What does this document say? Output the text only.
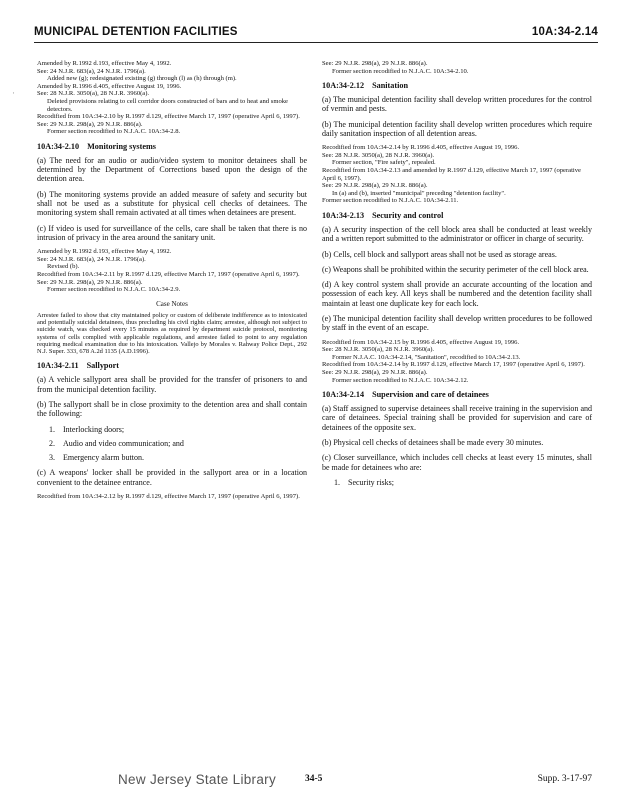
MUNICIPAL DETENTION FACILITIES	10A:34-2.14
·

Amended by R.1992 d.193, effective May 4, 1992.

See: 24 N.J.R. 683(a), 24 N.J.R. 1796(a).

Added new (g); redesignated existing (g) through (l) as (h) through (m).

Amended by R.1996 d.405, effective August 19, 1996.

See: 28 N.J.R. 3050(a), 28 N.J.R. 3960(a).

Deleted provisions relating to cell corridor doors constructed of bars and to heat and smoke detectors.

Recodified from 10A:34-2.10 by R.1997 d.129, effective March 17, 1997 (operative April 6, 1997).

See: 29 N.J.R. 298(a), 29 N.J.R. 886(a).

Former section recodified to N.J.A.C. 10A:34-2.8.

10A:34-2.10 Monitoring systems

(a) The need for an audio or audio/video system to monitor detainees shall be determined by the Department of Corrections based upon the design of the detention area.

(b) The monitoring systems provide an added measure of safety and security but shall not be used as a substitute for physical cell checks of detainees. The monitoring system shall remain activated at all times when detainees are present.

(c) If video is used for surveillance of the cells, care shall be taken that there is no intrusion of privacy in the area around the sanitary unit.

Amended by R.1992 d.193, effective May 4, 1992.

See: 24 N.J.R. 683(a), 24 N.J.R. 1796(a).

Revised (b).

Recodified from 10A:34-2.11 by R.1997 d.129, effective March 17, 1997 (operative April 6, 1997).

See: 29 N.J.R. 298(a), 29 N.J.R. 886(a).

Former section recodified to N.J.A.C. 10A:34-2.9.

Case Notes

Arrestee failed to show that city maintained policy or custom of deliberate indifference as to intoxicated and potentially suicidal detainees, thus precluding his civil rights claim; arrestee, although not subject to suicide watch, was checked every 15 minutes as required by department suicide protocol, monitoring systems of cells complied with applicable regulations, and arrestee failed to point to any regulation requiring medical examination due to his intoxication. Vallejo by Morales v. Rahway Police Dept., 292 N.J. Super. 333, 678 A.2d 1135 (A.D.1996).

10A:34-2.11 Sallyport

(a) A vehicle sallyport area shall be provided for the transfer of prisoners to and from the municipal detention facility.

(b) The sallyport shall be in close proximity to the detention area and shall contain the following:

1. Interlocking doors;
2. Audio and video communication; and
3. Emergency alarm button.

(c) A weapons' locker shall be provided in the sallyport area or in a location convenient to the detainee entrance.

Recodified from 10A:34-2.12 by R.1997 d.129, effective March 17, 1997 (operative April 6, 1997).

See: 29 N.J.R. 298(a), 29 N.J.R. 886(a).

Former section recodified to N.J.A.C. 10A:34-2.10.

10A:34-2.12 Sanitation

(a) The municipal detention facility shall develop written procedures for the control of vermin and pests.

(b) The municipal detention facility shall develop written procedures which require daily sanitation inspection of all detention areas.

Recodified from 10A:34-2.14 by R.1996 d.405, effective August 19, 1996.

See: 28 N.J.R. 3050(a), 28 N.J.R. 3960(a).

Former section, "Fire safety", repealed.

Recodified from 10A:34-2.13 and amended by R.1997 d.129, effective March 17, 1997 (operative April 6, 1997).

See: 29 N.J.R. 298(a), 29 N.J.R. 886(a).

In (a) and (b), inserted "municipal" preceding "detention facility".

Former section recodified to N.J.A.C. 10A:34-2.11.

10A:34-2.13 Security and control

(a) A security inspection of the cell block area shall be conducted at least weekly and a written report submitted to the administrator or officer in charge of security.

(b) Cells, cell block and sallyport areas shall not be used as storage areas.

(c) Weapons shall be prohibited within the security perimeter of the cell block area.

(d) A key control system shall provide an accurate accounting of the location and possession of each key. All keys shall be numbered and the detention facility shall maintain at least one duplicate key for each lock.

(e) The municipal detention facility shall develop written procedures to be followed by staff in the event of an escape.

Recodified from 10A:34-2.15 by R.1996 d.405, effective August 19, 1996.

See: 28 N.J.R. 3050(a), 28 N.J.R. 3960(a).

Former N.J.A.C. 10A:34-2.14, "Sanitation", recodified to 10A:34-2.13.

Recodified from 10A:34-2.14 by R.1997 d.129, effective March 17, 1997 (operative April 6, 1997).

See: 29 N.J.R. 298(a), 29 N.J.R. 886(a).

Former section recodified to N.J.A.C. 10A:34-2.12.

10A:34-2.14 Supervision and care of detainees

(a) Staff assigned to supervise detainees shall receive training in the supervision and care of detainees. Special training shall be provided for supervision and care of detainees of the opposite sex.

(b) Physical cell checks of detainees shall be made every 30 minutes.

(c) Closer surveillance, which includes cell checks at least every 15 minutes, shall be made for detainees who are:

1. Security risks;
New Jersey State Library	34-5	Supp. 3-17-97
